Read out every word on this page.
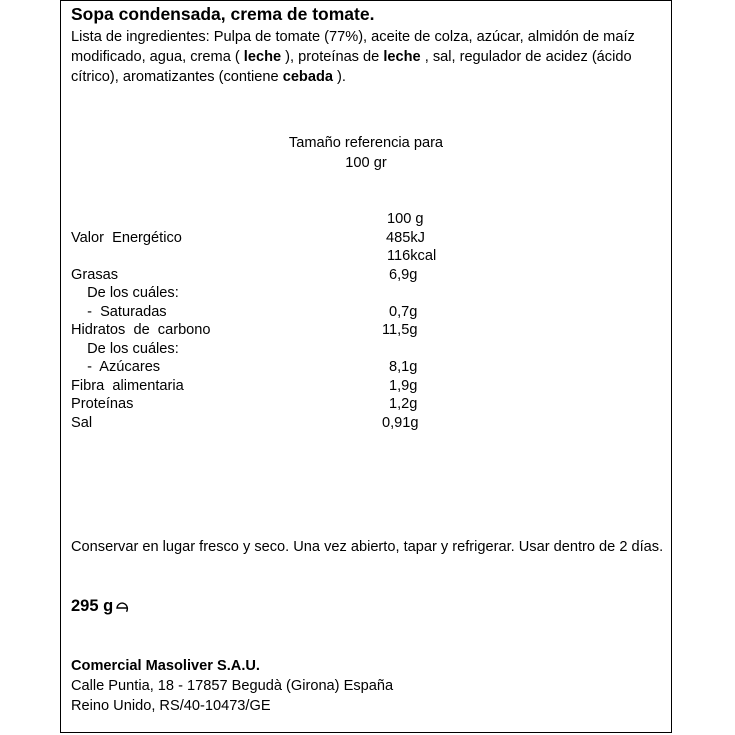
Sopa condensada, crema de tomate.
Lista de ingredientes: Pulpa de tomate (77%), aceite de colza, azúcar, almidón de maíz modificado, agua, crema ( leche ), proteínas de leche , sal, regulador de acidez (ácido cítrico), aromatizantes (contiene cebada ).
Tamaño referencia para
100 gr
100 g
Valor  Energético	485kJ
116kcal
Grasas	6,9g
De los cuáles:
-  Saturadas	0,7g
Hidratos  de  carbono	11,5g
De los cuáles:
-  Azúcares	8,1g
Fibra  alimentaria	1,9g
Proteínas	1,2g
Sal	0,91g
Conservar en lugar fresco y seco. Una vez abierto, tapar y refrigerar. Usar dentro de 2 días.
295 g
Comercial Masoliver S.A.U.
Calle Puntia, 18 - 17857 Begudà (Girona) España
Reino Unido, RS/40-10473/GE
